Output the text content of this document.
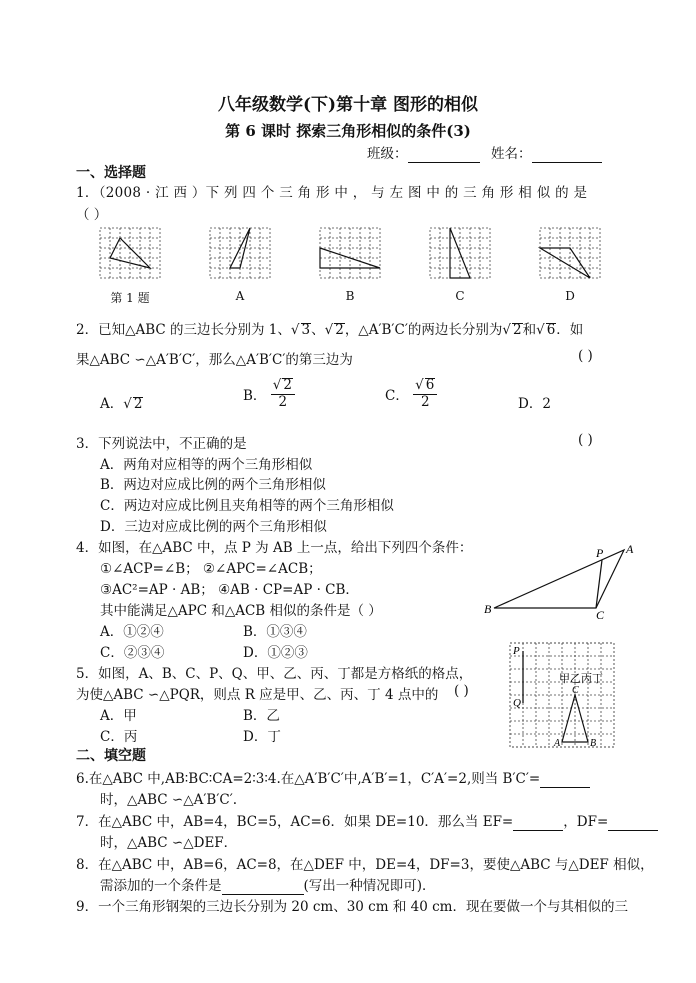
八年级数学(下)第十章 图形的相似
第 6 课时 探索三角形相似的条件(3)
班级：	姓名：
一、选择题
1．（2008 · 江 西 ）下 列 四 个 三 角 形 中 ， 与 左 图 中 的 三 角 形 相 似 的 是
（ ）
第 1 题	A	B	C	D
2．已知△ABC 的三边长分别为 1、√ 3、√ 2，△A′B′C′的两边长分别为√ 2和√ 6．如
果△ABC ∽△A′B′C′，那么△A′B′C′的第三边为	( )
A．√ 2	B． $\frac{√ 2}{2}$	C． $\frac{√ 6}{2}$	D．2
3．下列说法中，不正确的是	( )
A．两角对应相等的两个三角形相似
B．两边对应成比例的两个三角形相似
C．两边对应成比例且夹角相等的两个三角形相似
D．三边对应成比例的两个三角形相似
4．如图，在△ABC 中，点 P 为 AB 上一点，给出下列四个条件：
①∠ACP=∠B； ②∠APC=∠ACB；
③AC²=AP · AB； ④AB · CP=AP · CB．
其中能满足△APC 和△ACB 相似的条件是（ ）
A．①②④	B．①③④
C．②③④	D．①②③
B
A
P
C
5．如图，A、B、C、P、Q、甲、乙、丙、丁都是方格纸的格点，
为使△ABC ∽△PQR，则点 R 应是甲、乙、丙、丁 4 点中的 ( )
A．甲	B．乙
C．丙	D．丁
P
Q
甲乙丙丁
C
A	B
二、填空题
6.在△ABC 中,AB∶BC∶CA=2∶3∶4.在△A′B′C′中,A′B′=1，C′A′=2,则当 B′C′=
时，△ABC ∽△A′B′C′.
7．在△ABC 中，AB=4，BC=5，AC=6．如果 DE=10．那么当 EF=	，DF=
时，△ABC ∽△DEF．
8．在△ABC 中，AB=6，AC=8，在△DEF 中，DE=4，DF=3，要使△ABC 与△DEF 相似，
需添加的一个条件是	(写出一种情况即可)．
9．一个三角形钢架的三边长分别为 20 cm、30 cm 和 40 cm．现在要做一个与其相似的三
